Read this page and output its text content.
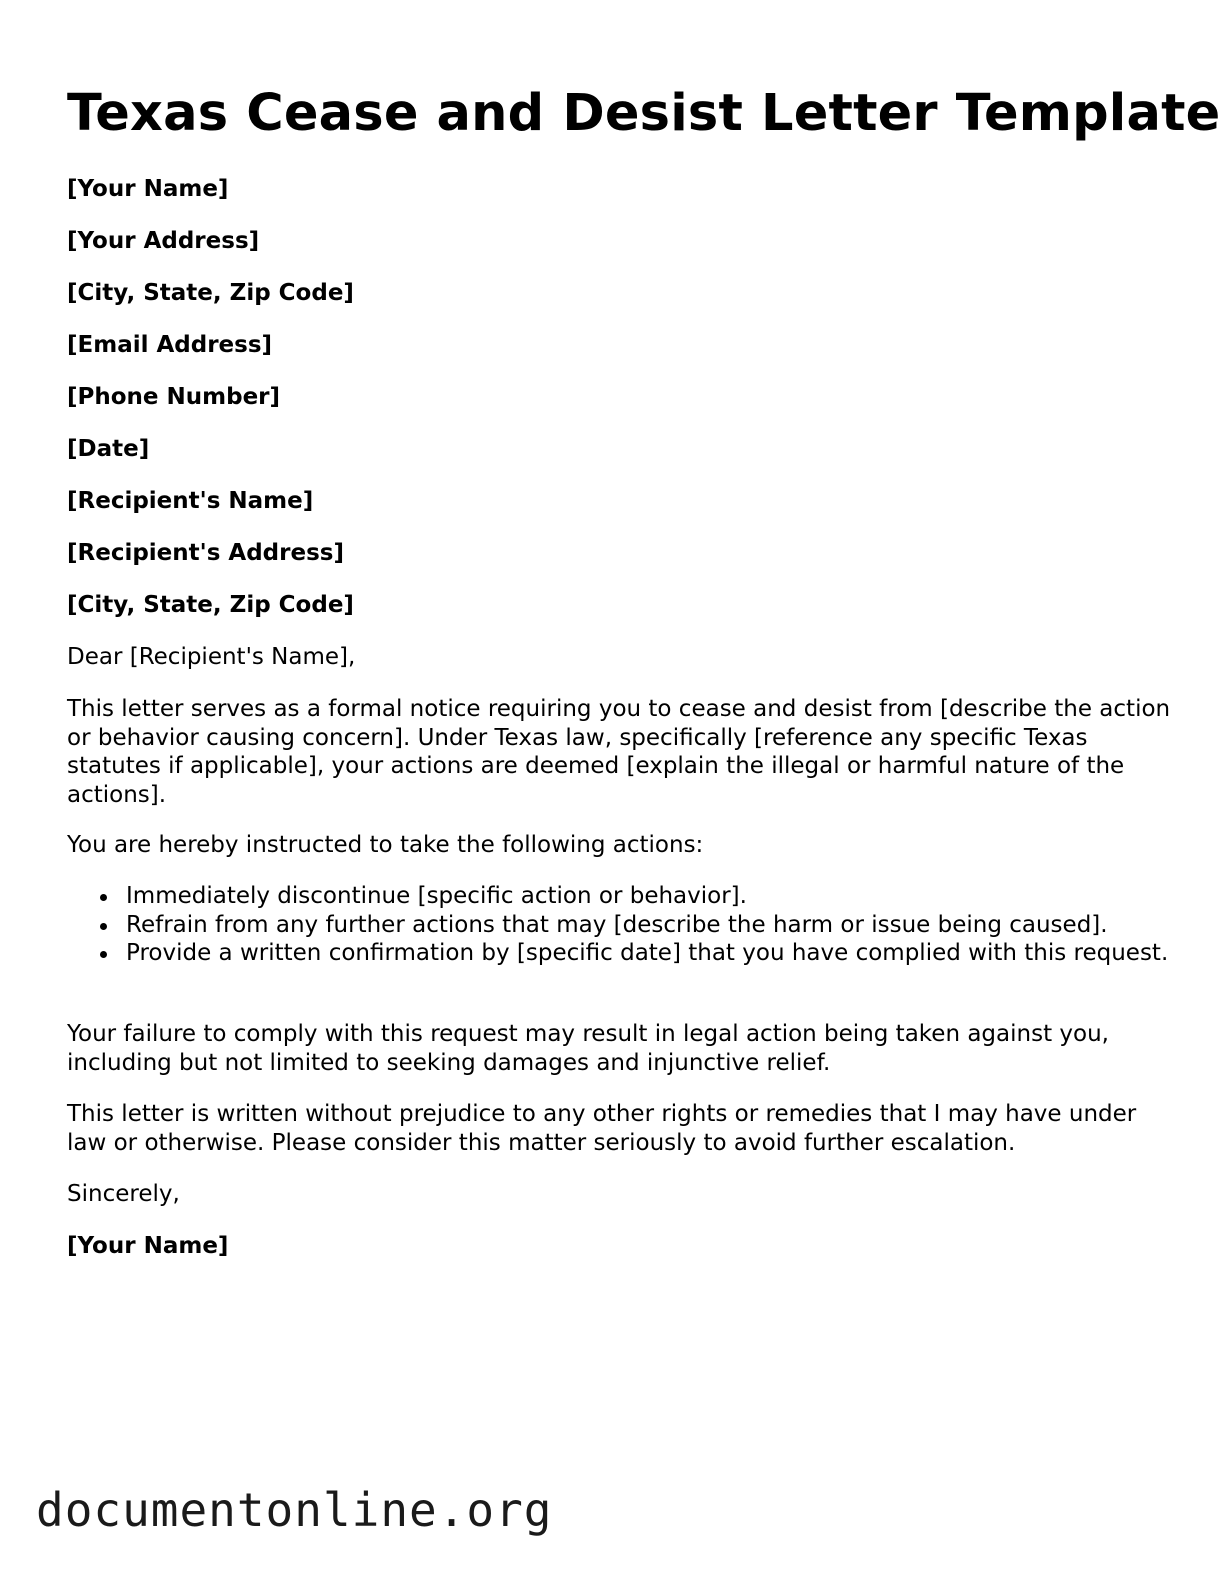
Texas Cease and Desist Letter Template

[Your Name]

[Your Address]

[City, State, Zip Code]

[Email Address]

[Phone Number]

[Date]

[Recipient's Name]

[Recipient's Address]

[City, State, Zip Code]

Dear [Recipient's Name],

This letter serves as a formal notice requiring you to cease and desist from [describe the action or behavior causing concern]. Under Texas law, specifically [reference any specific Texas statutes if applicable], your actions are deemed [explain the illegal or harmful nature of the actions].

You are hereby instructed to take the following actions:

Immediately discontinue [specific action or behavior].
Refrain from any further actions that may [describe the harm or issue being caused].
Provide a written confirmation by [specific date] that you have complied with this request.

Your failure to comply with this request may result in legal action being taken against you, including but not limited to seeking damages and injunctive relief.

This letter is written without prejudice to any other rights or remedies that I may have under law or otherwise. Please consider this matter seriously to avoid further escalation.

Sincerely,

[Your Name]

documentonline.org
